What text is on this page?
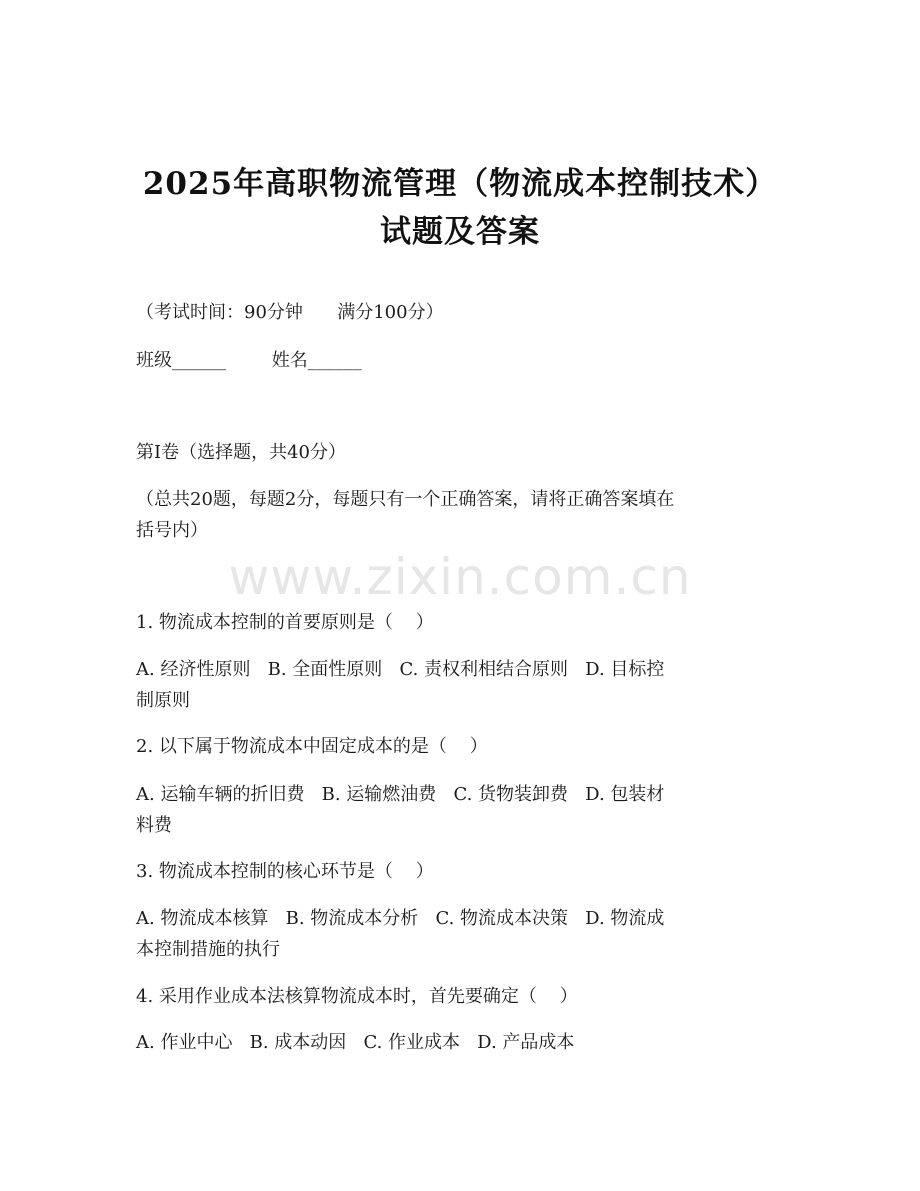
2025年高职物流管理（物流成本控制技术）
试题及答案
（考试时间：90分钟      满分100分）
班级______        姓名______
第I卷（选择题，共40分）
（总共20题，每题2分，每题只有一个正确答案，请将正确答案填在
括号内）
www.zixin.com.cn
1. 物流成本控制的首要原则是（    ）
A. 经济性原则   B. 全面性原则   C. 责权利相结合原则   D. 目标控
制原则
2. 以下属于物流成本中固定成本的是（    ）
A. 运输车辆的折旧费   B. 运输燃油费   C. 货物装卸费   D. 包装材
料费
3. 物流成本控制的核心环节是（    ）
A. 物流成本核算   B. 物流成本分析   C. 物流成本决策   D. 物流成
本控制措施的执行
4. 采用作业成本法核算物流成本时，首先要确定（    ）
A. 作业中心   B. 成本动因   C. 作业成本   D. 产品成本
